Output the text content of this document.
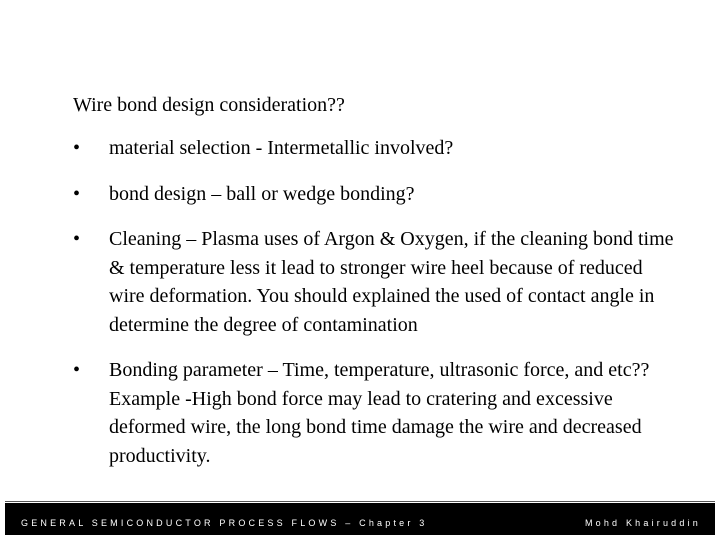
Wire bond design consideration??
• material selection - Intermetallic involved?
• bond design – ball or wedge bonding?
• Cleaning – Plasma uses of Argon & Oxygen, if the cleaning bond time & temperature less it lead to stronger wire heel because of reduced wire deformation. You should explained the used of contact angle in determine the degree of contamination
• Bonding parameter – Time, temperature, ultrasonic force, and etc?? Example -High bond force may lead to cratering and excessive deformed wire, the long bond time damage the wire and decreased productivity.
GENERAL SEMICONDUCTOR PROCESS FLOWS – Chapter 3	Mohd Khairuddin
